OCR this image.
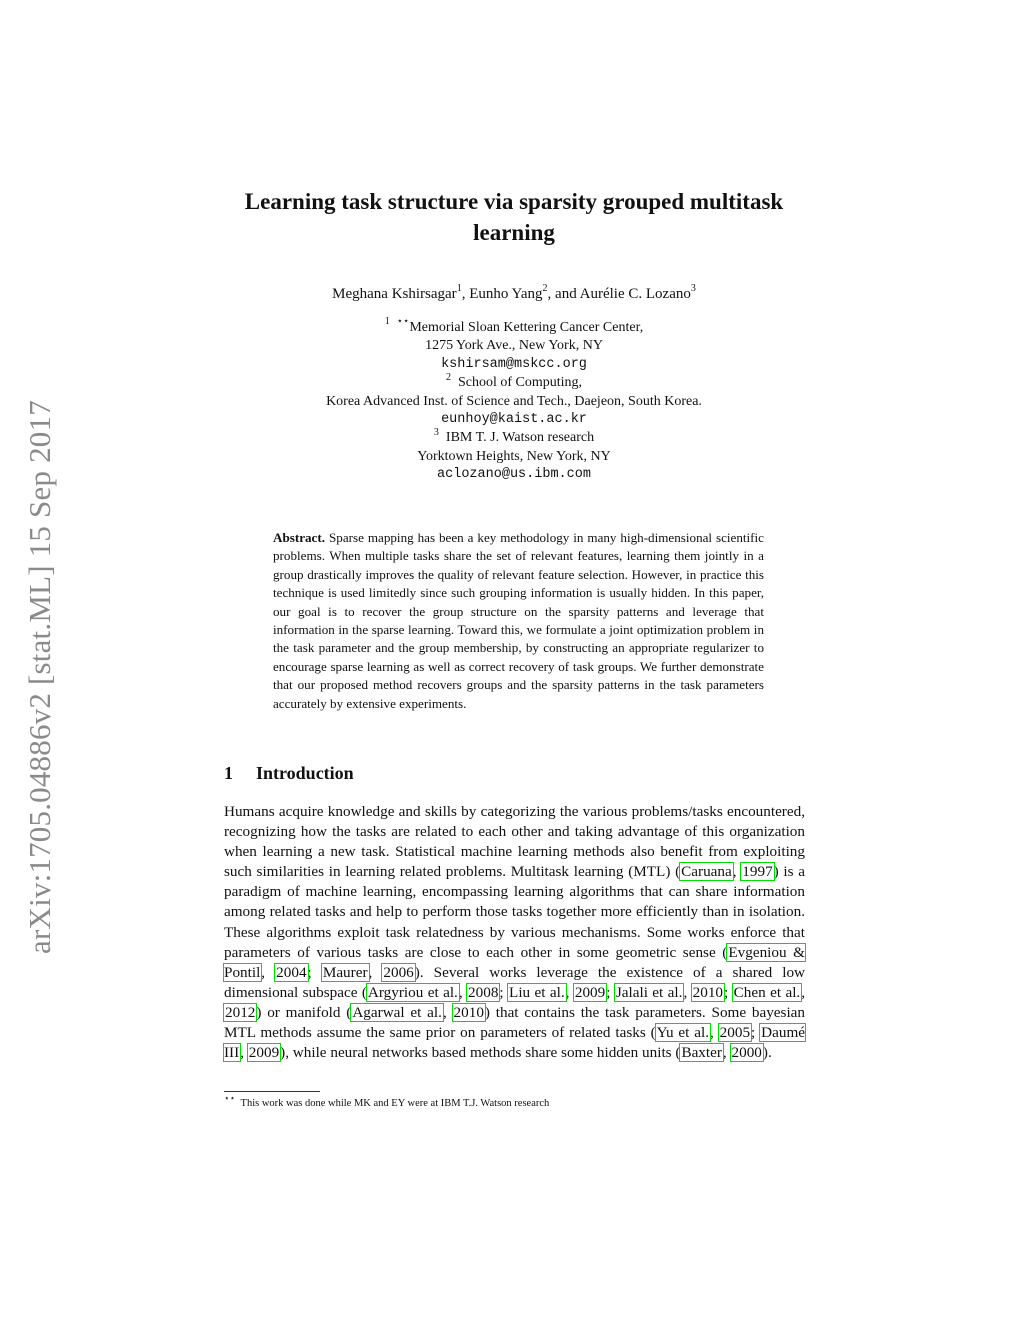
arXiv:1705.04886v2 [stat.ML] 15 Sep 2017
Learning task structure via sparsity grouped multitask learning
Meghana Kshirsagar$^1$, Eunho Yang$^2$, and Aurélie C. Lozano$^3$
$^1$ ⋆⋆Memorial Sloan Kettering Cancer Center,
1275 York Ave., New York, NY
kshirsam@mskcc.org
$^2$ School of Computing,
Korea Advanced Inst. of Science and Tech., Daejeon, South Korea.
eunhoy@kaist.ac.kr
$^3$ IBM T. J. Watson research
Yorktown Heights, New York, NY
aclozano@us.ibm.com
Abstract. Sparse mapping has been a key methodology in many high-dimensional scientific problems. When multiple tasks share the set of relevant features, learning them jointly in a group drastically improves the quality of relevant feature selection. However, in practice this technique is used limitedly since such grouping information is usually hidden. In this paper, our goal is to recover the group structure on the sparsity patterns and leverage that information in the sparse learning. Toward this, we formulate a joint optimization problem in the task parameter and the group membership, by constructing an appropriate regularizer to encourage sparse learning as well as correct recovery of task groups. We further demonstrate that our proposed method recovers groups and the sparsity patterns in the task parameters accurately by extensive experiments.
1 Introduction
Humans acquire knowledge and skills by categorizing the various problems/tasks encountered, recognizing how the tasks are related to each other and taking advantage of this organization when learning a new task. Statistical machine learning methods also benefit from exploiting such similarities in learning related problems. Multitask learning (MTL) (Caruana, 1997) is a paradigm of machine learning, encompassing learning algorithms that can share information among related tasks and help to perform those tasks together more efficiently than in isolation. These algorithms exploit task relatedness by various mechanisms. Some works enforce that parameters of various tasks are close to each other in some geometric sense (Evgeniou & Pontil, 2004; Maurer, 2006). Several works leverage the existence of a shared low dimensional subspace (Argyriou et al., 2008; Liu et al., 2009; Jalali et al., 2010; Chen et al., 2012) or manifold (Agarwal et al., 2010) that contains the task parameters. Some bayesian MTL methods assume the same prior on parameters of related tasks (Yu et al., 2005; Daumé III, 2009), while neural networks based methods share some hidden units (Baxter, 2000).
⋆⋆  This work was done while MK and EY were at IBM T.J. Watson research
